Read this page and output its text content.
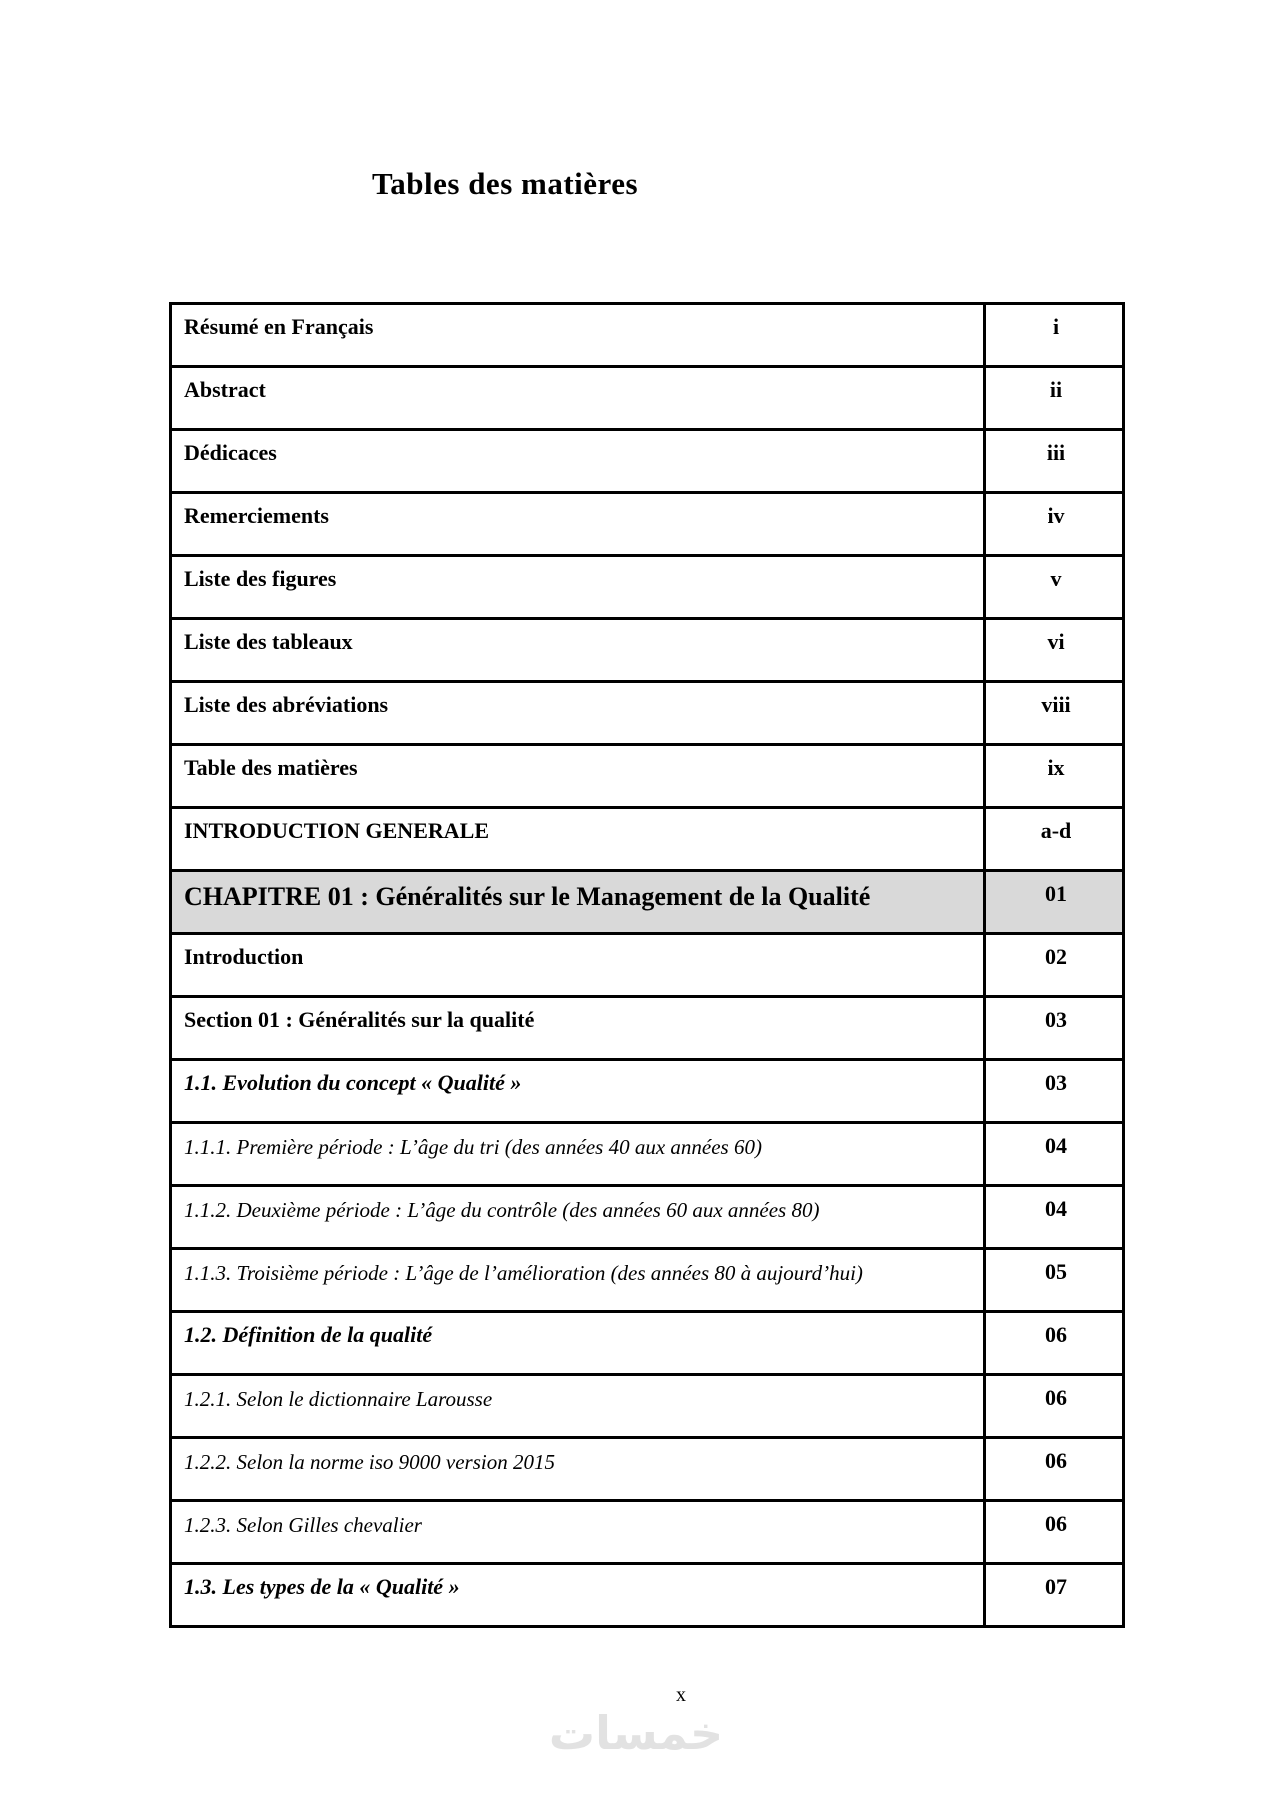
Tables des matières
Résumé en Français	i
Abstract	ii
Dédicaces	iii
Remerciements	iv
Liste des figures	v
Liste des tableaux	vi
Liste des abréviations	viii
Table des matières	ix
INTRODUCTION GENERALE	a-d
CHAPITRE 01 : Généralités sur le Management de la Qualité	01
Introduction	02
Section 01 : Généralités sur la qualité	03
1.1. Evolution du concept « Qualité »	03
1.1.1. Première période : L’âge du tri (des années 40 aux années 60)	04
1.1.2. Deuxième période : L’âge du contrôle (des années 60 aux années 80)	04
1.1.3. Troisième période : L’âge de l’amélioration (des années 80 à aujourd’hui)	05
1.2. Définition de la qualité	06
1.2.1. Selon le dictionnaire Larousse	06
1.2.2. Selon la norme iso 9000 version 2015	06
1.2.3. Selon Gilles chevalier	06
1.3. Les types de la « Qualité »	07
x
خمسات
